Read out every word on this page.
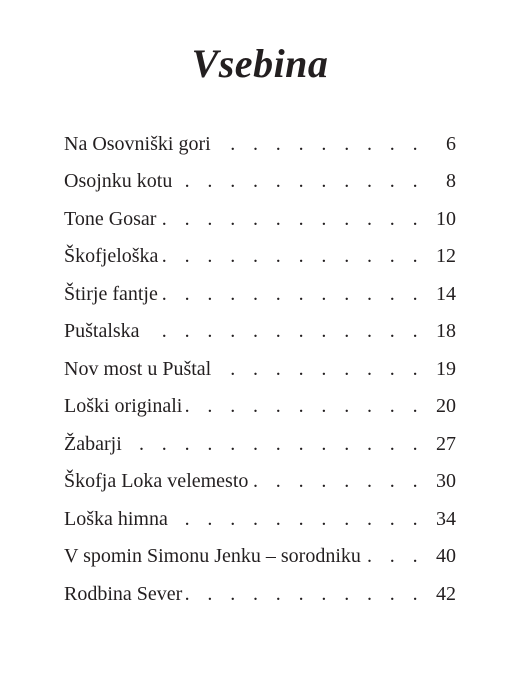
Vsebina
Na Osovniški gori . . .	6
Osojnku kotu . . .	8
Tone Gosar . . .	10
Škofjeloška . . .	12
Štirje fantje . . .	14
Puštalska . . .	18
Nov most u Puštal . . .	19
Loški originali . . .	20
Žabarji . . .	27
Škofja Loka velemesto . . .	30
Loška himna . . .	34
V spomin Simonu Jenku – sorodniku . . .	40
Rodbina Sever . . .	42
